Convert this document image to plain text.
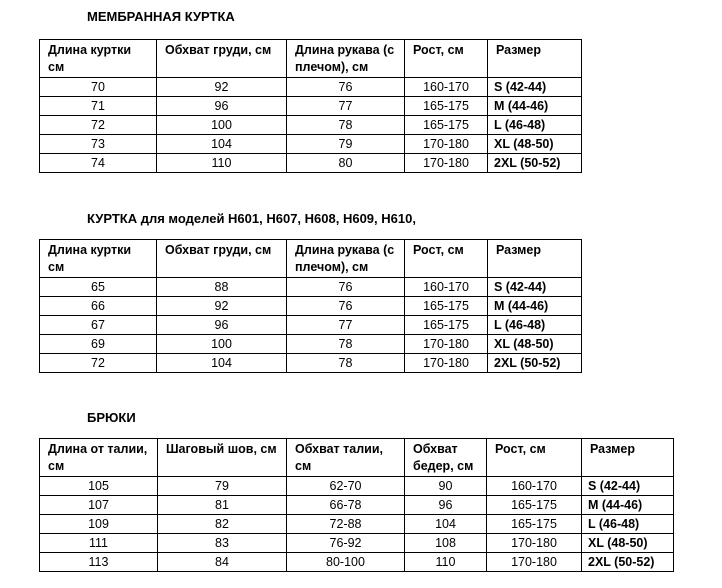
МЕМБРАННАЯ КУРТКА
Длина куртки см	Обхват груди, см	Длина рукава (с плечом), см	Рост, см	Размер
70	92	76	160-170	S (42-44)
71	96	77	165-175	M (44-46)
72	100	78	165-175	L (46-48)
73	104	79	170-180	XL (48-50)
74	110	80	170-180	2XL (50-52)
КУРТКА для моделей H601, H607, H608, H609, H610,
Длина куртки см	Обхват груди, см	Длина рукава (с плечом), см	Рост, см	Размер
65	88	76	160-170	S (42-44)
66	92	76	165-175	M (44-46)
67	96	77	165-175	L (46-48)
69	100	78	170-180	XL (48-50)
72	104	78	170-180	2XL (50-52)
БРЮКИ
Длина от талии, см	Шаговый шов, см	Обхват талии, см	Обхват бедер, см	Рост, см	Размер
105	79	62-70	90	160-170	S (42-44)
107	81	66-78	96	165-175	M (44-46)
109	82	72-88	104	165-175	L (46-48)
111	83	76-92	108	170-180	XL (48-50)
113	84	80-100	110	170-180	2XL (50-52)
